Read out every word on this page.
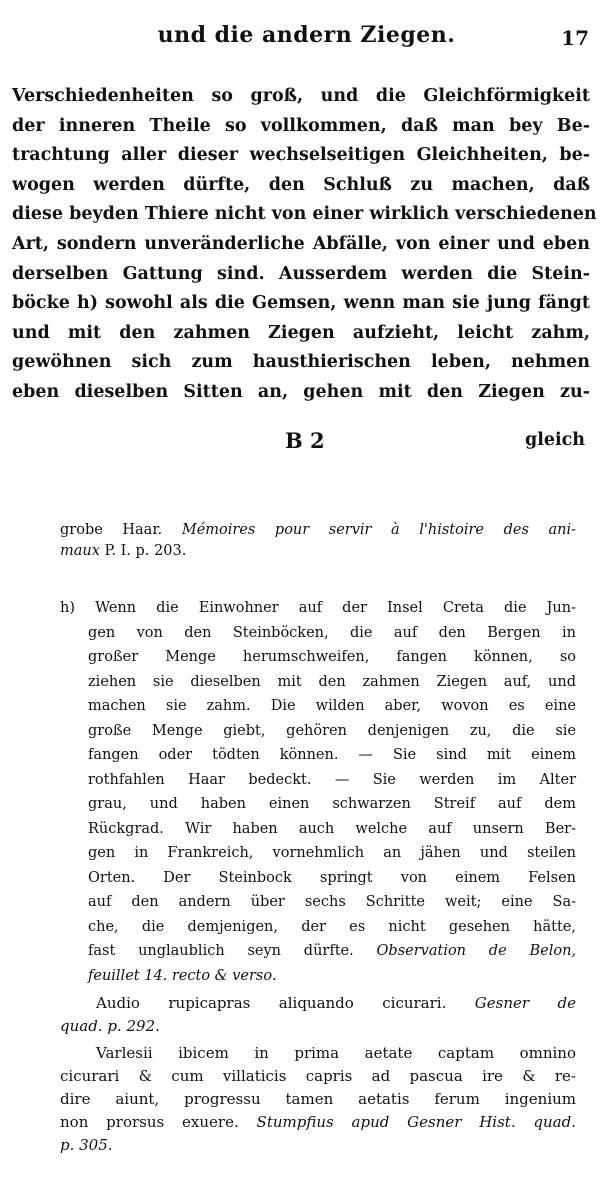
und die andern Ziegen.	17
Verschiedenheiten so groß, und die Gleichförmigkeit
der inneren Theile so vollkommen, daß man bey Be-
trachtung aller dieser wechselseitigen Gleichheiten, be-
wogen werden dürfte, den Schluß zu machen, daß
diese beyden Thiere nicht von einer wirklich verschiedenen
Art, sondern unveränderliche Abfälle, von einer und eben
derselben Gattung sind. Ausserdem werden die Stein-
böcke h) sowohl als die Gemsen, wenn man sie jung fängt
und mit den zahmen Ziegen aufzieht, leicht zahm,
gewöhnen sich zum hausthierischen leben, nehmen
eben dieselben Sitten an, gehen mit den Ziegen zu-
B 2	gleich
grobe Haar. Mémoires pour servir à l'histoire des ani-
maux P. I. p. 203.
h) Wenn die Einwohner auf der Insel Creta die Jun-
gen von den Steinböcken, die auf den Bergen in
großer Menge herumschweifen, fangen können, so
ziehen sie dieselben mit den zahmen Ziegen auf, und
machen sie zahm. Die wilden aber, wovon es eine
große Menge giebt, gehören denjenigen zu, die sie
fangen oder tödten können. — Sie sind mit einem
rothfahlen Haar bedeckt. — Sie werden im Alter
grau, und haben einen schwarzen Streif auf dem
Rückgrad. Wir haben auch welche auf unsern Ber-
gen in Frankreich, vornehmlich an jähen und steilen
Orten. Der Steinbock springt von einem Felsen
auf den andern über sechs Schritte weit; eine Sa-
che, die demjenigen, der es nicht gesehen hätte,
fast unglaublich seyn dürfte. Observation de Belon,
feuillet 14. recto & verso.
Audio rupicapras aliquando cicurari. Gesner de
quad. p. 292.
Varlesii ibicem in prima aetate captam omnino
cicurari & cum villaticis capris ad pascua ire & re-
dire aiunt, progressu tamen aetatis ferum ingenium
non prorsus exuere. Stumpfius apud Gesner Hist. quad.
p. 305.
